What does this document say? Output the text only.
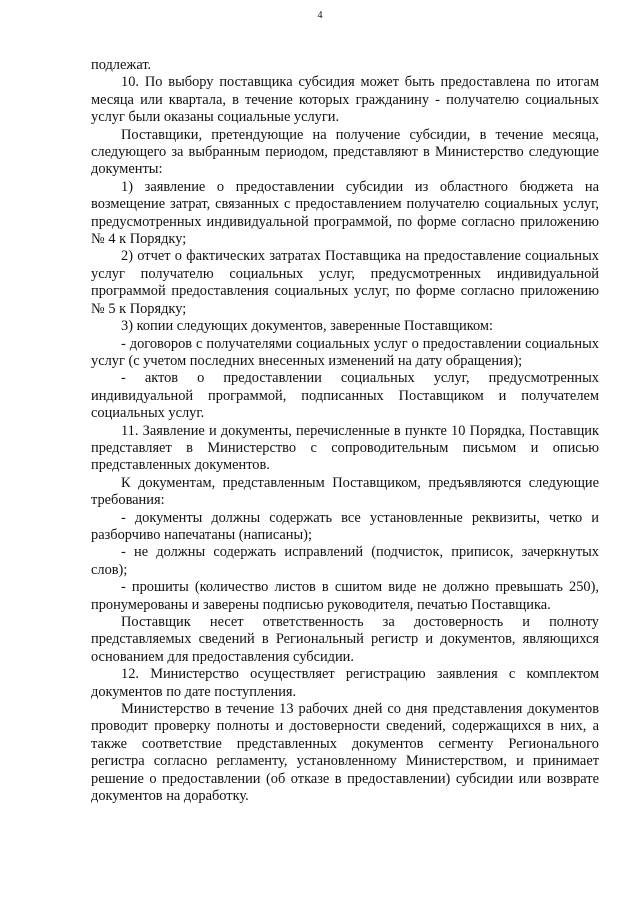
4

подлежат.

10. По выбору поставщика субсидия может быть предоставлена по итогам месяца или квартала, в течение которых гражданину - получателю социальных услуг были оказаны социальные услуги.

Поставщики, претендующие на получение субсидии, в течение месяца, следующего за выбранным периодом, представляют в Министерство следующие документы:

1) заявление о предоставлении субсидии из областного бюджета на возмещение затрат, связанных с предоставлением получателю социальных услуг, предусмотренных индивидуальной программой, по форме согласно приложению № 4 к Порядку;

2) отчет о фактических затратах Поставщика на предоставление социальных услуг получателю социальных услуг, предусмотренных индивидуальной программой предоставления социальных услуг, по форме согласно приложению № 5 к Порядку;

3) копии следующих документов, заверенные Поставщиком:

- договоров с получателями социальных услуг о предоставлении социальных услуг (с учетом последних внесенных изменений на дату обращения);

- актов о предоставлении социальных услуг, предусмотренных индивидуальной программой, подписанных Поставщиком и получателем социальных услуг.

11. Заявление и документы, перечисленные в пункте 10 Порядка, Поставщик представляет в Министерство с сопроводительным письмом и описью представленных документов.

К документам, представленным Поставщиком, предъявляются следующие требования:

- документы должны содержать все установленные реквизиты, четко и разборчиво напечатаны (написаны);

- не должны содержать исправлений (подчисток, приписок, зачеркнутых слов);

- прошиты (количество листов в сшитом виде не должно превышать 250), пронумерованы и заверены подписью руководителя, печатью Поставщика.

Поставщик несет ответственность за достоверность и полноту представляемых сведений в Региональный регистр и документов, являющихся основанием для предоставления субсидии.

12. Министерство осуществляет регистрацию заявления с комплектом документов по дате поступления.

Министерство в течение 13 рабочих дней со дня представления документов проводит проверку полноты и достоверности сведений, содержащихся в них, а также соответствие представленных документов сегменту Регионального регистра согласно регламенту, установленному Министерством, и принимает решение о предоставлении (об отказе в предоставлении) субсидии или возврате документов на доработку.
